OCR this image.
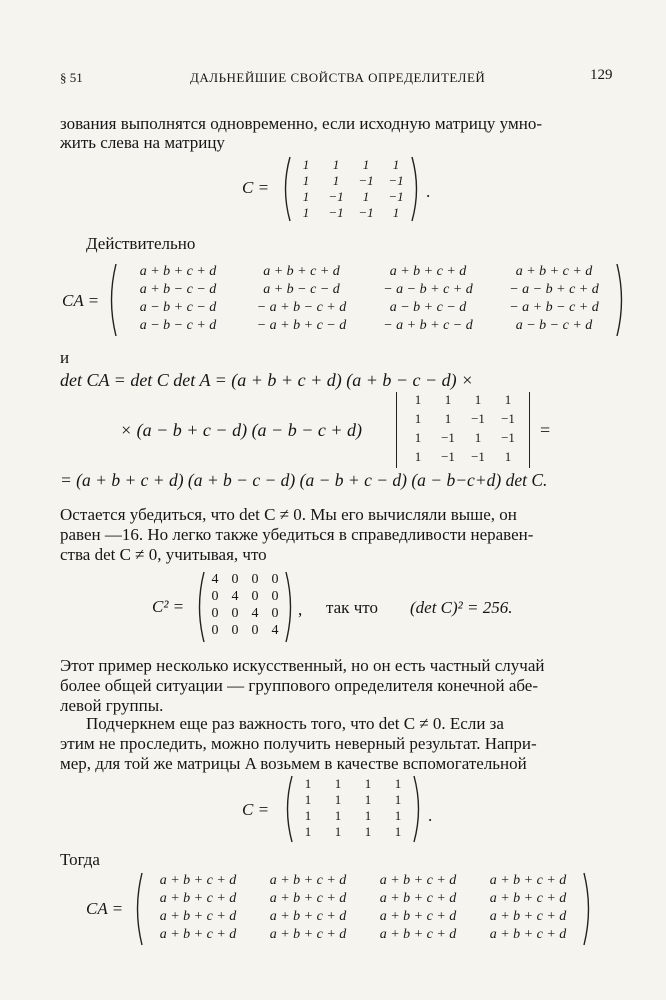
§ 51	ДАЛЬНЕЙШИЕ СВОЙСТВА ОПРЕДЕЛИТЕЛЕЙ	129
зования выполнятся одновременно, если исходную матрицу умно-
жить слева на матрицу
C =
1	1	1	1
1	1	−1	−1
1	−1	1	−1
1	−1	−1	1
.
Действительно
CA =
a + b + c + d	a + b + c + d	a + b + c + d	a + b + c + d
a + b − c − d	a + b − c − d	− a − b + c + d	− a − b + c + d
a − b + c − d	− a + b − c + d	a − b + c − d	− a + b − c + d
a − b − c + d	− a + b + c − d	− a + b + c − d	a − b − c + d
и
det CA = det C det A = (a + b + c + d) (a + b − c − d) ×
× (a − b + c − d) (a − b − c + d)
1	1	1	1
1	1	−1	−1
1	−1	1	−1
1	−1	−1	1
=
= (a + b + c + d) (a + b − c − d) (a − b + c − d) (a − b−c+d) det C.
Остается убедиться, что det C ≠ 0. Мы его вычисляли выше, он
равен —16. Но легко также убедиться в справедливости неравен-
ства det C ≠ 0, учитывая, что
C² =
4 0 0 0
0 4 0 0
0 0 4 0
0 0 0 4
, так что (det C)² = 256.
Этот пример несколько искусственный, но он есть частный случай
более общей ситуации — группового определителя конечной абе-
левой группы.
Подчеркнем еще раз важность того, что det C ≠ 0. Если за
этим не проследить, можно получить неверный результат. Напри-
мер, для той же матрицы A возьмем в качестве вспомогательной
C =
1	1	1	1
1	1	1	1
1	1	1	1
1	1	1	1
.
Тогда
CA =
a + b + c + d	a + b + c + d	a + b + c + d	a + b + c + d
a + b + c + d	a + b + c + d	a + b + c + d	a + b + c + d
a + b + c + d	a + b + c + d	a + b + c + d	a + b + c + d
a + b + c + d	a + b + c + d	a + b + c + d	a + b + c + d
